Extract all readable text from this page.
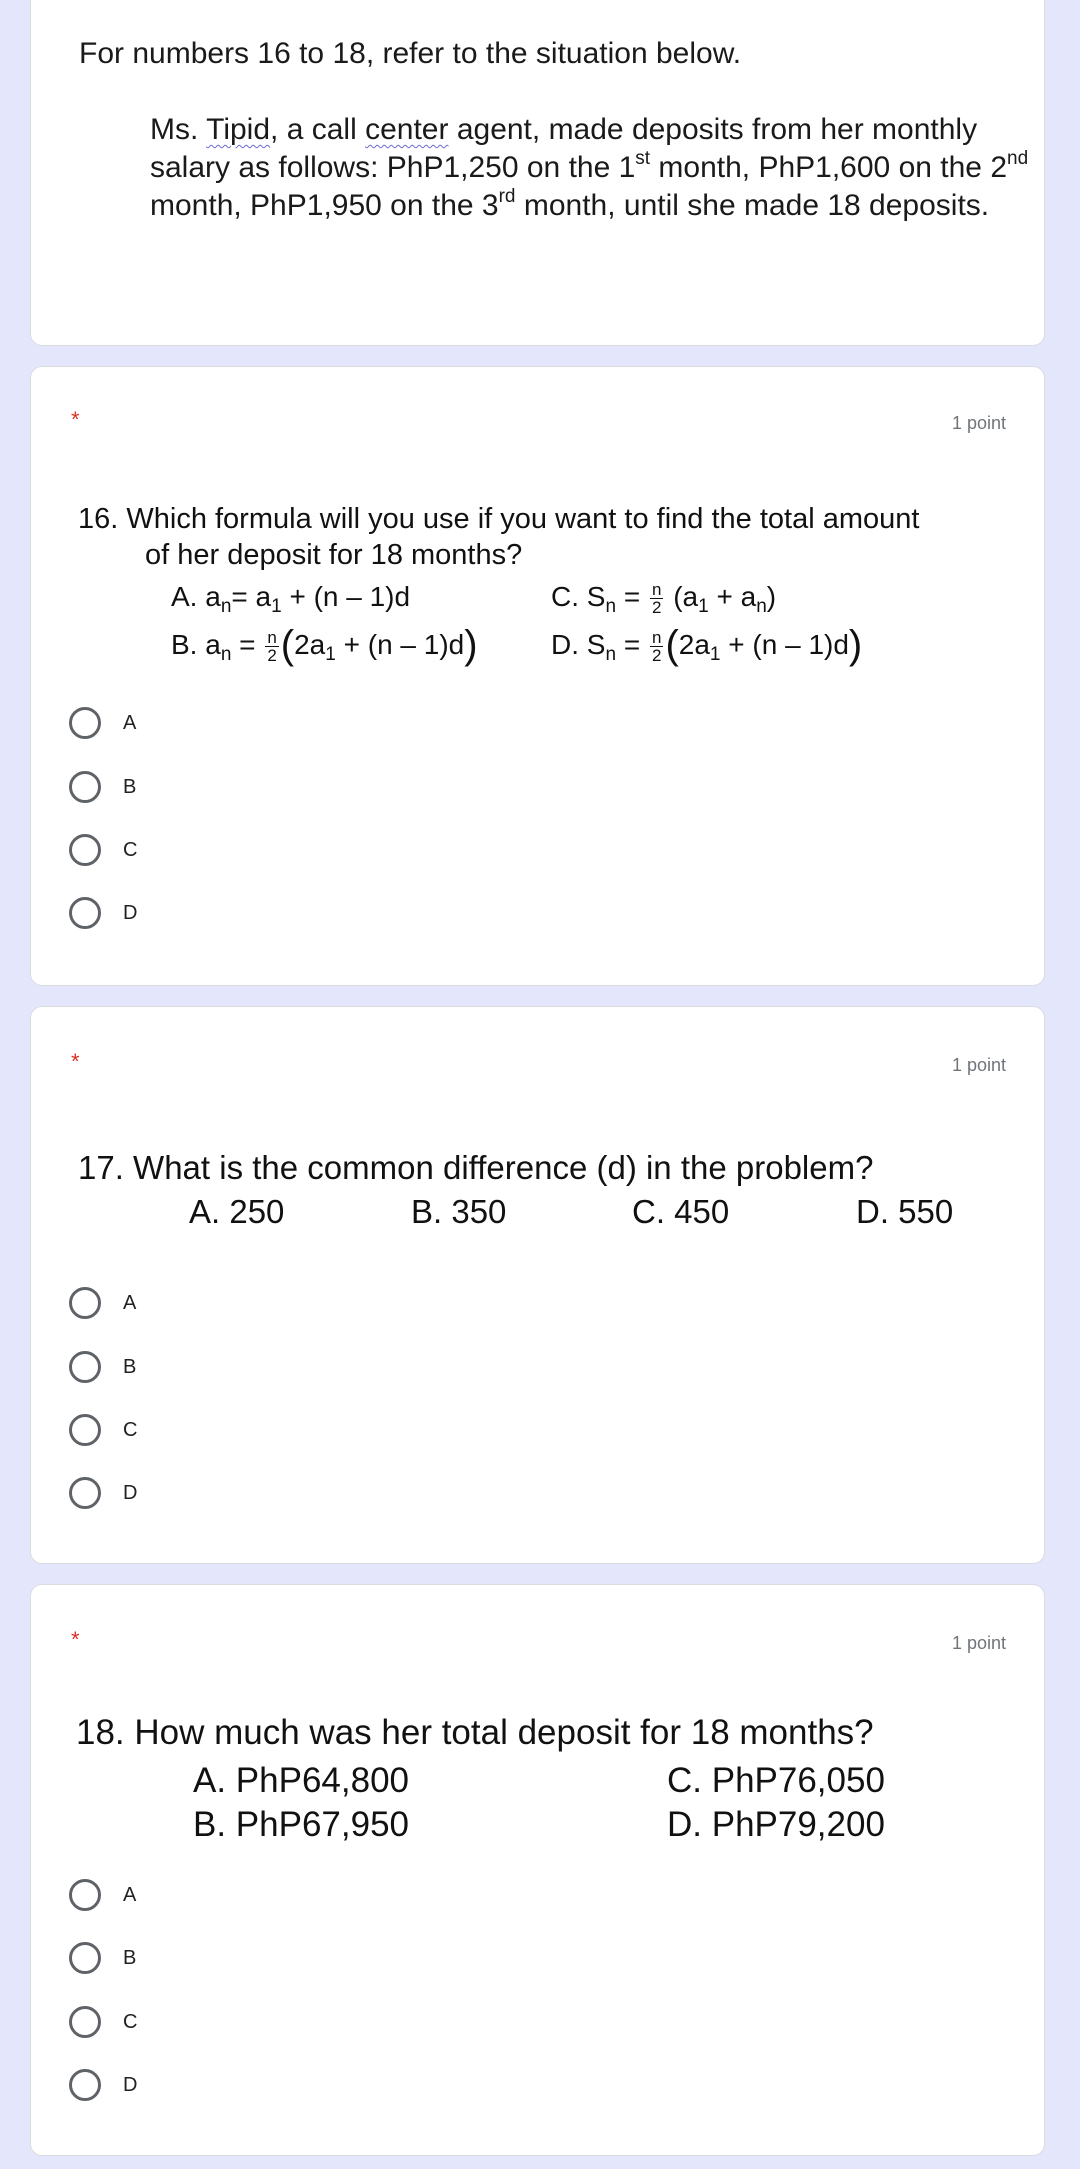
For numbers 16 to 18, refer to the situation below.
Ms. Tipid, a call center agent, made deposits from her monthly salary as follows: PhP1,250 on the 1st month, PhP1,600 on the 2nd month, PhP1,950 on the 3rd month, until she made 18 deposits.
*	1 point
16. Which formula will you use if you want to find the total amount
of her deposit for 18 months?
A. $a_n= a_1 + (n - 1)d$	C. $S_n = \frac{n}{2} (a_1 + a_n)$
B. $a_n = \frac{n}{2} (2a_1 + (n - 1)d)$	D. $S_n = \frac{n}{2} (2a_1 + (n - 1)d)$
A
B
C
D
*	1 point
17. What is the common difference (d) in the problem?
A. 250	B. 350	C. 450	D. 550
A
B
C
D
*	1 point
18. How much was her total deposit for 18 months?
A. PhP64,800	C. PhP76,050
B. PhP67,950	D. PhP79,200
A
B
C
D
